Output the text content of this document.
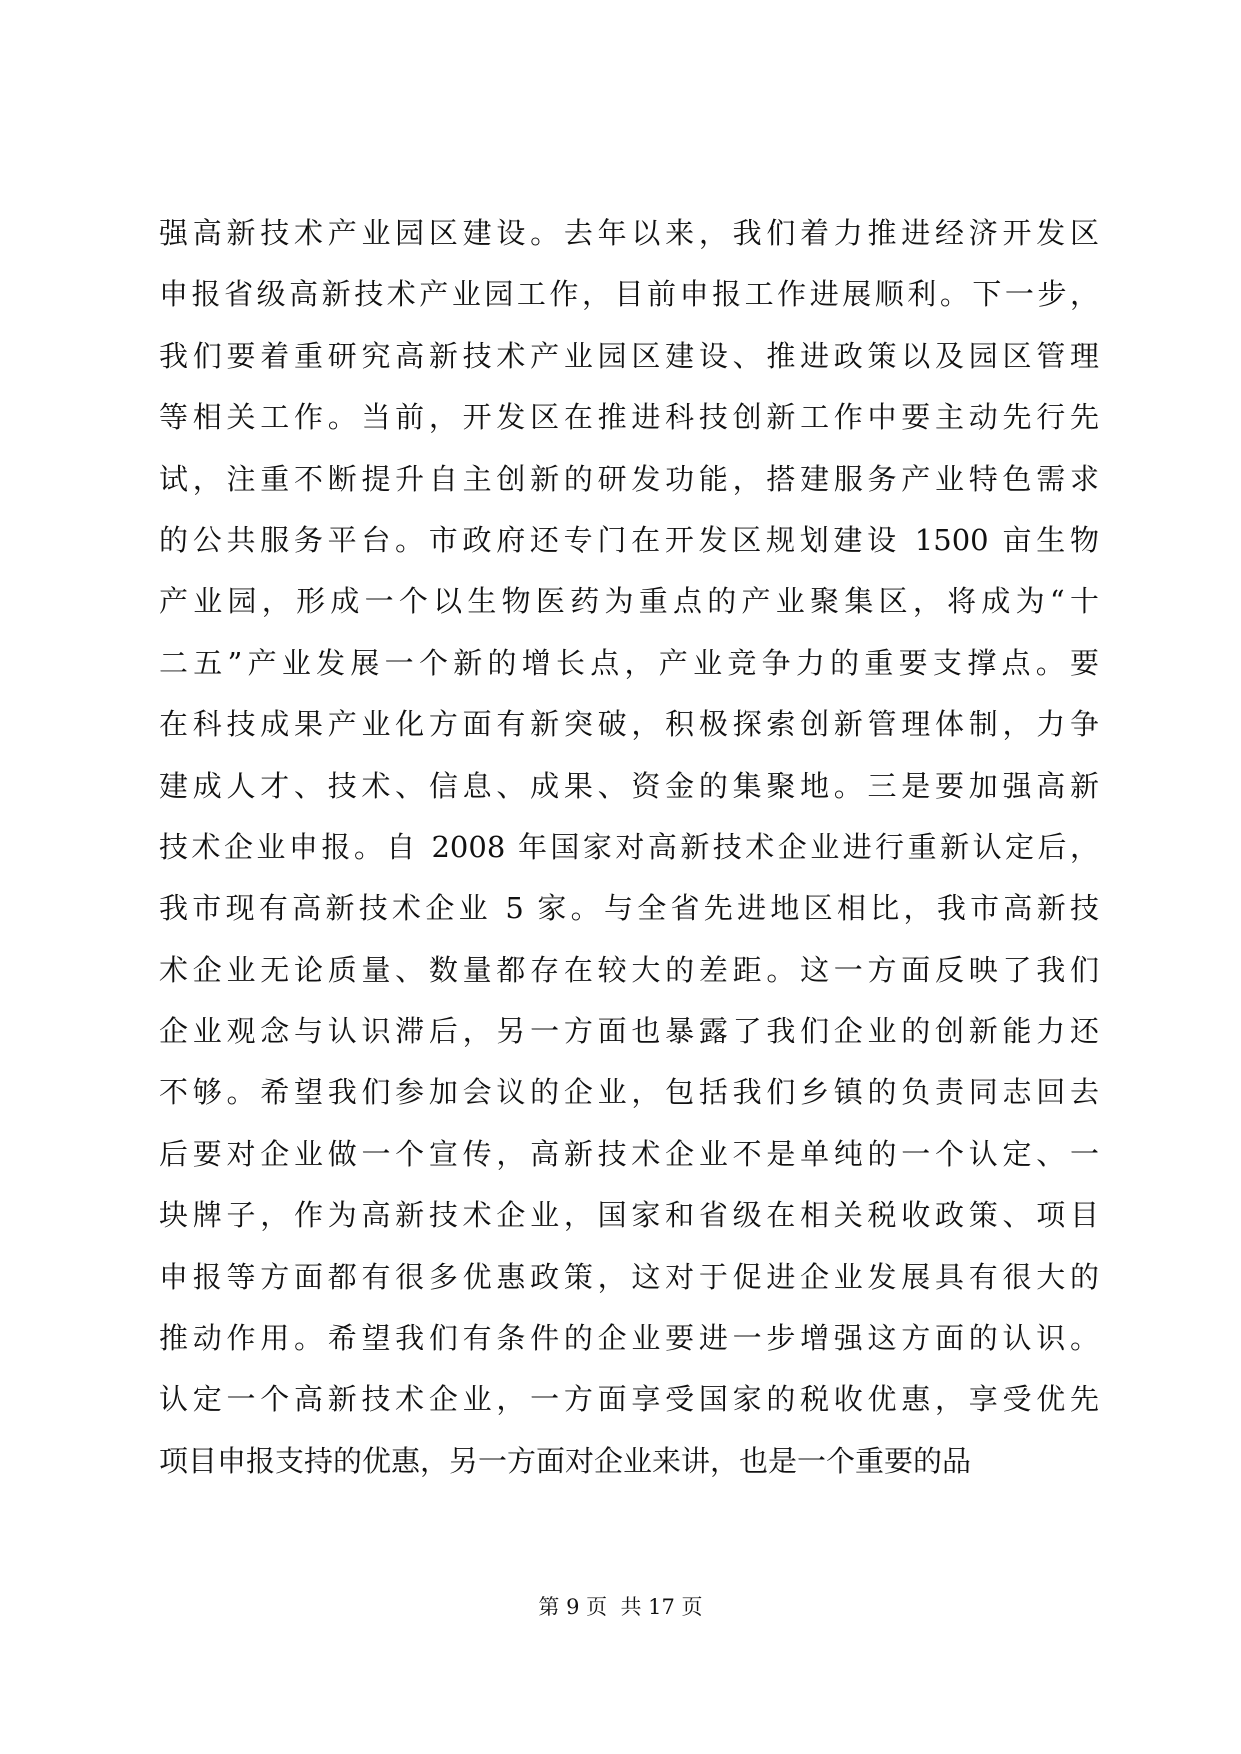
强高新技术产业园区建设。去年以来，我们着力推进经济开发区
申报省级高新技术产业园工作，目前申报工作进展顺利。下一步，
我们要着重研究高新技术产业园区建设、推进政策以及园区管理
等相关工作。当前，开发区在推进科技创新工作中要主动先行先
试，注重不断提升自主创新的研发功能，搭建服务产业特色需求
的公共服务平台。市政府还专门在开发区规划建设 1500 亩生物
产业园，形成一个以生物医药为重点的产业聚集区，将成为“十
二五”产业发展一个新的增长点，产业竞争力的重要支撑点。要
在科技成果产业化方面有新突破，积极探索创新管理体制，力争
建成人才、技术、信息、成果、资金的集聚地。三是要加强高新
技术企业申报。自 2008 年国家对高新技术企业进行重新认定后，
我市现有高新技术企业 5 家。与全省先进地区相比，我市高新技
术企业无论质量、数量都存在较大的差距。这一方面反映了我们
企业观念与认识滞后，另一方面也暴露了我们企业的创新能力还
不够。希望我们参加会议的企业，包括我们乡镇的负责同志回去
后要对企业做一个宣传，高新技术企业不是单纯的一个认定、一
块牌子，作为高新技术企业，国家和省级在相关税收政策、项目
申报等方面都有很多优惠政策，这对于促进企业发展具有很大的
推动作用。希望我们有条件的企业要进一步增强这方面的认识。
认定一个高新技术企业，一方面享受国家的税收优惠，享受优先
项目申报支持的优惠，另一方面对企业来讲，也是一个重要的品
第 9 页  共 17 页
